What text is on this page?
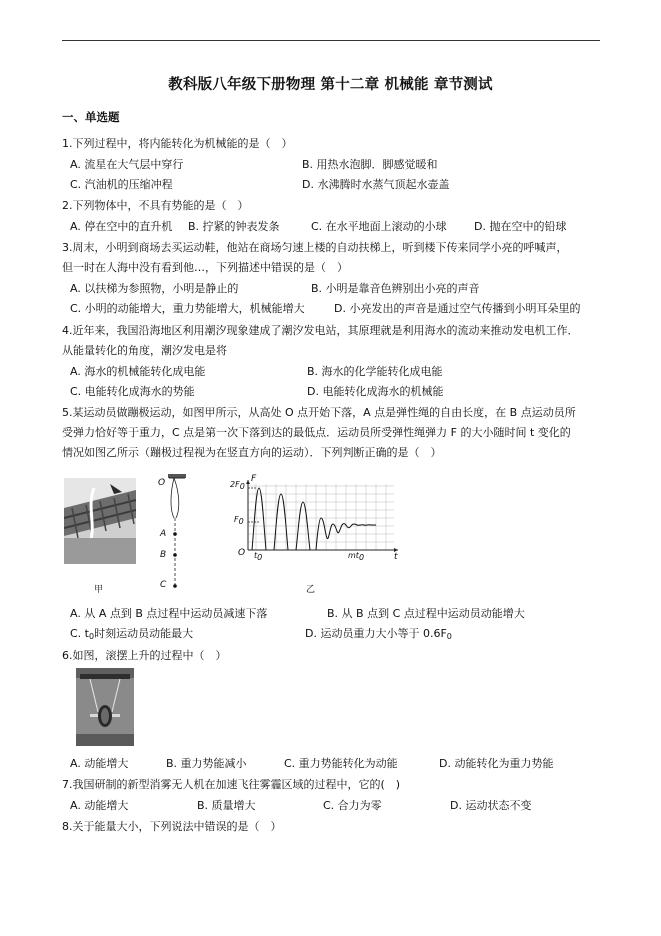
教科版八年级下册物理 第十二章 机械能 章节测试
一、单选题
1.下列过程中，将内能转化为机械能的是（　）
A. 流星在大气层中穿行	B. 用热水泡脚．脚感觉暖和
C. 汽油机的压缩冲程	D. 水沸腾时水蒸气顶起水壶盖
2.下列物体中，不具有势能的是（　）
A. 停在空中的直升机 B. 拧紧的钟表发条	C. 在水平地面上滚动的小球 D. 抛在空中的铅球
3.周末，小明到商场去买运动鞋，他站在商场匀速上楼的自动扶梯上，听到楼下传来同学小亮的呼喊声，
但一时在人海中没有看到他…，下列描述中错误的是（　）
A. 以扶梯为参照物，小明是静止的	B. 小明是靠音色辨别出小亮的声音
C. 小明的动能增大，重力势能增大，机械能增大	D. 小亮发出的声音是通过空气传播到小明耳朵里的
4.近年来，我国沿海地区利用潮汐现象建成了潮汐发电站，其原理就是利用海水的流动来推动发电机工作．
从能量转化的角度，潮汐发电是将
A. 海水的机械能转化成电能	B. 海水的化学能转化成电能
C. 电能转化成海水的势能	D. 电能转化成海水的机械能
5.某运动员做蹦极运动，如图甲所示，从高处 O 点开始下落，A 点是弹性绳的自由长度，在 B 点运动员所
受弹力恰好等于重力，C 点是第一次下落到达的最低点．运动员所受弹性绳弹力 F 的大小随时间 t 变化的
情况如图乙所示（蹦极过程视为在竖直方向的运动）．下列判断正确的是（　）
O
A
B
C
2F0
F0
F
O t0	mt0	t
甲	乙
A. 从 A 点到 B 点过程中运动员减速下落	B. 从 B 点到 C 点过程中运动员动能增大
C. $t_0$时刻运动员动能最大	D. 运动员重力大小等于 $0.6F_0$
6.如图，滚摆上升的过程中（　）
A. 动能增大	B. 重力势能减小	C. 重力势能转化为动能	D. 动能转化为重力势能
7.我国研制的新型消雾无人机在加速飞往雾霾区域的过程中，它的(　)
A. 动能增大	B. 质量增大	C. 合力为零	D. 运动状态不变
8.关于能量大小，下列说法中错误的是（　）
